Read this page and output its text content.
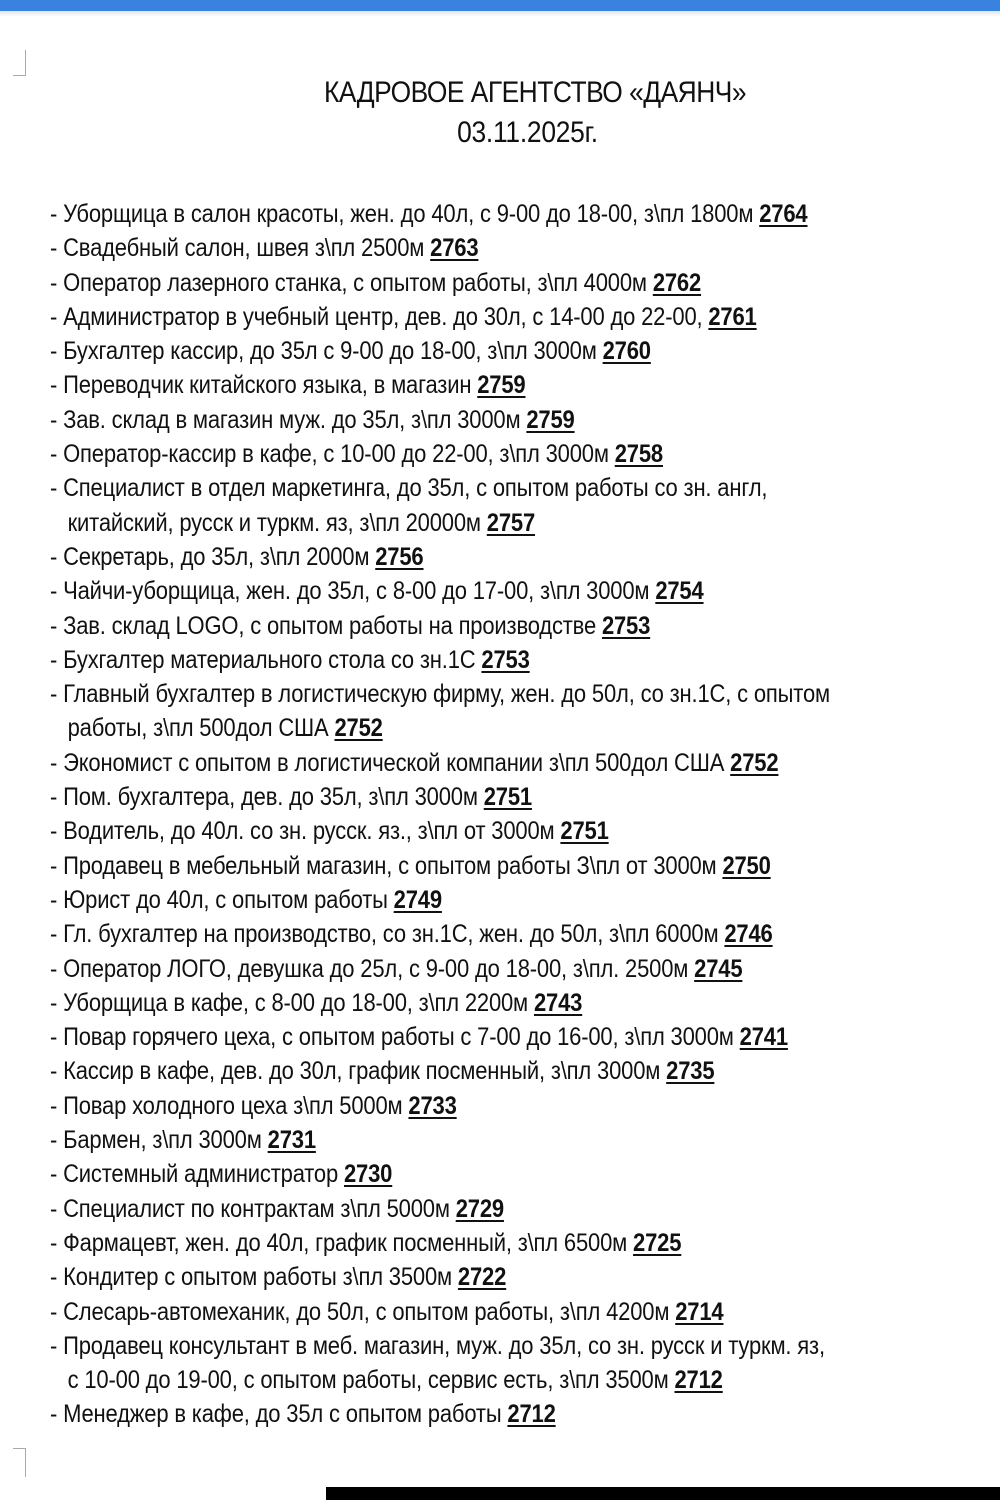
КАДРОВОЕ АГЕНТСТВО «ДАЯНЧ»
03.11.2025г.
- Уборщица в салон красоты, жен. до 40л, с 9-00 до 18-00, з\пл 1800м 2764
- Свадебный салон, швея з\пл 2500м 2763
- Оператор лазерного станка, с опытом работы, з\пл 4000м 2762
- Администратор в учебный центр, дев. до 30л, с 14-00 до 22-00, 2761
- Бухгалтер кассир, до 35л с 9-00 до 18-00, з\пл 3000м 2760
- Переводчик китайского языка, в магазин 2759
- Зав. склад в магазин муж. до 35л, з\пл 3000м 2759
- Оператор-кассир в кафе, с 10-00 до 22-00, з\пл 3000м 2758
- Специалист в отдел маркетинга, до 35л, с опытом работы со зн. англ,
китайский, русск и туркм. яз, з\пл 20000м 2757
- Секретарь, до 35л, з\пл 2000м 2756
- Чайчи-уборщица, жен. до 35л, с 8-00 до 17-00, з\пл 3000м 2754
- Зав. склад LOGO, с опытом работы на производстве 2753
- Бухгалтер материального стола со зн.1С 2753
- Главный бухгалтер в логистическую фирму, жен. до 50л, со зн.1С, с опытом
работы, з\пл 500дол США 2752
- Экономист с опытом в логистической компании з\пл 500дол США 2752
- Пом. бухгалтера, дев. до 35л, з\пл 3000м 2751
- Водитель, до 40л. со зн. русск. яз., з\пл от 3000м 2751
- Продавец в мебельный магазин, с опытом работы З\пл от 3000м 2750
- Юрист до 40л, с опытом работы 2749
- Гл. бухгалтер на производство, со зн.1С, жен. до 50л, з\пл 6000м 2746
- Оператор ЛОГО, девушка до 25л, с 9-00 до 18-00, з\пл. 2500м 2745
- Уборщица в кафе, с 8-00 до 18-00, з\пл 2200м 2743
- Повар горячего цеха, с опытом работы с 7-00 до 16-00, з\пл 3000м 2741
- Кассир в кафе, дев. до 30л, график посменный, з\пл 3000м 2735
- Повар холодного цеха з\пл 5000м 2733
- Бармен, з\пл 3000м 2731
- Системный администратор 2730
- Специалист по контрактам з\пл 5000м 2729
- Фармацевт, жен. до 40л, график посменный, з\пл 6500м 2725
- Кондитер с опытом работы з\пл 3500м 2722
- Слесарь-автомеханик, до 50л, с опытом работы, з\пл 4200м 2714
- Продавец консультант в меб. магазин, муж. до 35л, со зн. русск и туркм. яз,
с 10-00 до 19-00, с опытом работы, сервис есть, з\пл 3500м 2712
- Менеджер в кафе, до 35л с опытом работы 2712
